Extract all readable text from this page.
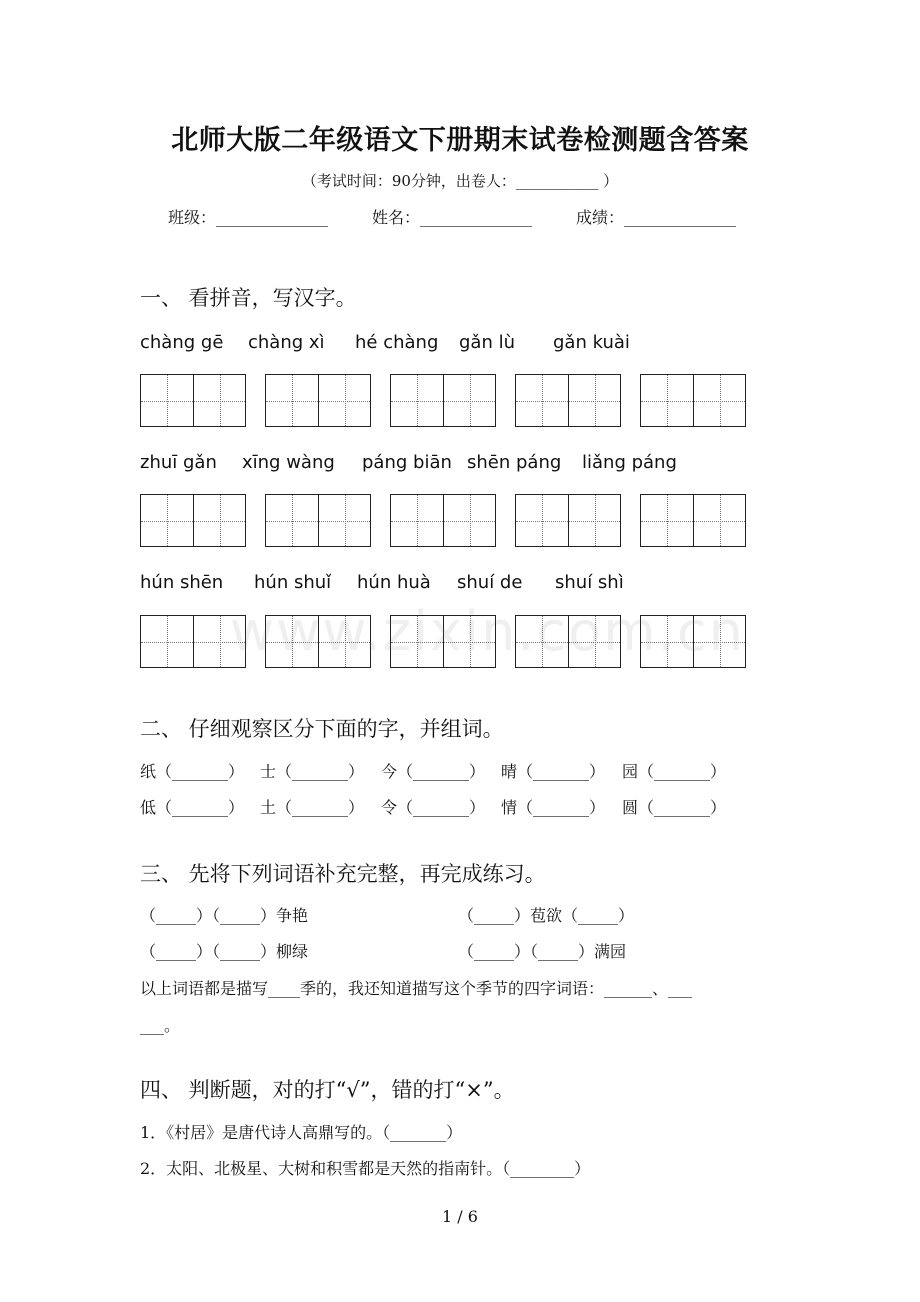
北师大版二年级语文下册期末试卷检测题含答案
（考试时间：90分钟，出卷人：___________ ）
班级：______________	姓名：______________	成绩：______________
一、 看拼音，写汉字。
chàng gē chàng xì hé chàng gǎn lù gǎn kuài
zhuī gǎn xīng wàng páng biān shēn páng liǎng páng
hún shēn hún shuǐ hún huà shuí de shuí shì
www.zixin.com.cn
二、 仔细观察区分下面的字，并组词。
纸（_______） 士（_______） 今（_______） 晴（_______） 园（_______）
低（_______） 土（_______） 令（_______） 情（_______） 圆（_______）
三、 先将下列词语补充完整，再完成练习。
（_____）（_____）争艳	（_____）苞欲（_____）
（_____）（_____）柳绿	（_____）（_____）满园
以上词语都是描写____季的，我还知道描写这个季节的四字词语：______、___
___。
四、 判断题，对的打“√”，错的打“×”。
1．《村居》是唐代诗人高鼎写的。（_______）
2．太阳、北极星、大树和积雪都是天然的指南针。（________）
1 / 6
